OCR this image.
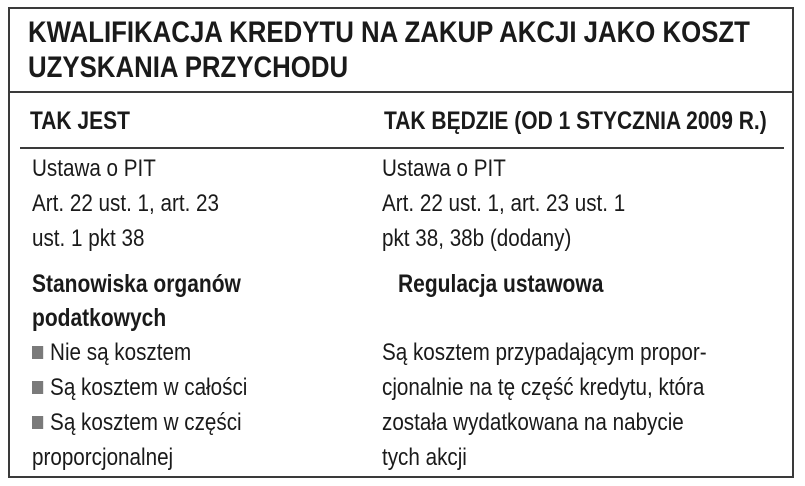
KWALIFIKACJA KREDYTU NA ZAKUP AKCJI JAKO KOSZT
UZYSKANIA PRZYCHODU
TAK JEST	TAK BĘDZIE (OD 1 STYCZNIA 2009 R.)
Ustawa o PIT
Art. 22 ust. 1, art. 23
ust. 1 pkt 38
Ustawa o PIT
Art. 22 ust. 1, art. 23 ust. 1
pkt 38, 38b (dodany)
Stanowiska organów
podatkowych
Regulacja ustawowa
Nie są kosztem
Są kosztem w całości
Są kosztem w części
proporcjonalnej
Są kosztem przypadającym propor-
cjonalnie na tę część kredytu, która
została wydatkowana na nabycie
tych akcji
